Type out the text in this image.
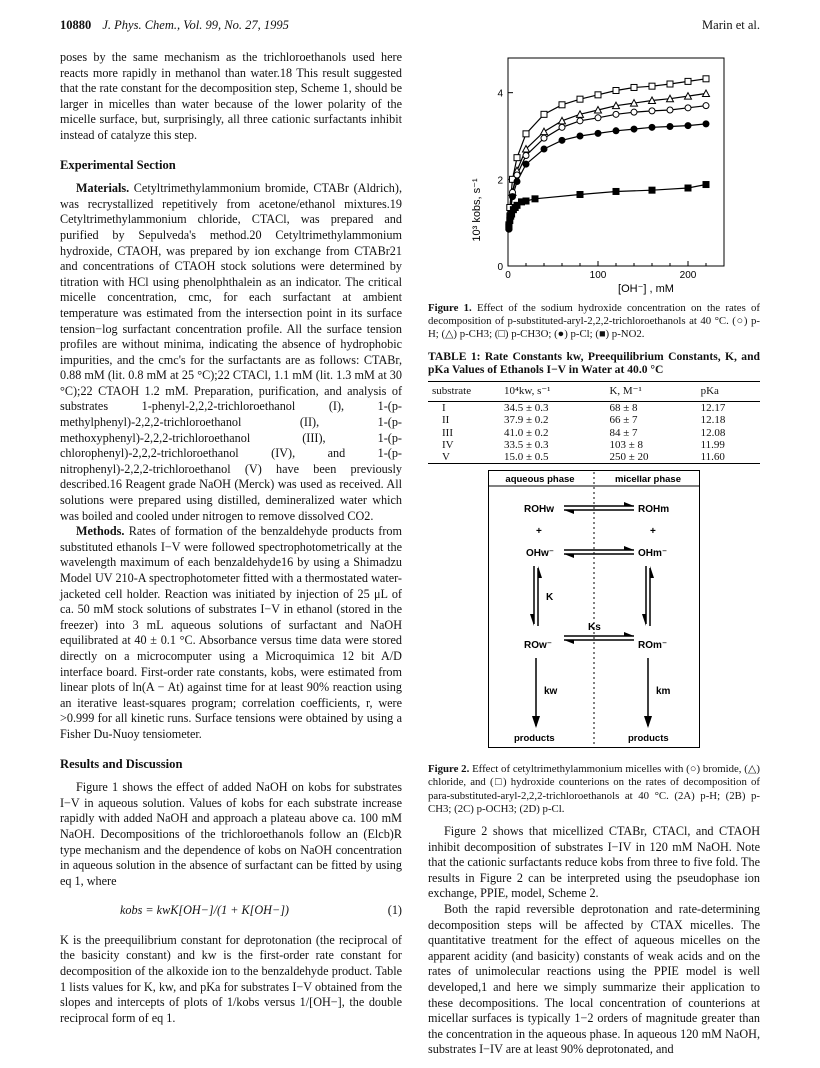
10880 J. Phys. Chem., Vol. 99, No. 27, 1995	Marin et al.

poses by the same mechanism as the trichloroethanols used here reacts more rapidly in methanol than water.18 This result suggested that the rate constant for the decomposition step, Scheme 1, should be larger in micelles than water because of the lower polarity of the micelle surface, but, surprisingly, all three cationic surfactants inhibit instead of catalyze this step.

Experimental Section

Materials. Cetyltrimethylammonium bromide, CTABr (Aldrich), was recrystallized repetitively from acetone/ethanol mixtures.19 Cetyltrimethylammonium chloride, CTACl, was prepared and purified by Sepulveda's method.20 Cetyltrimethylammonium hydroxide, CTAOH, was prepared by ion exchange from CTABr21 and concentrations of CTAOH stock solutions were determined by titration with HCl using phenolphthalein as an indicator. The critical micelle concentration, cmc, for each surfactant at ambient temperature was estimated from the intersection point in its surface tension−log surfactant concentration profile. All the surface tension profiles are without minima, indicating the absence of hydrophobic impurities, and the cmc's for the surfactants are as follows: CTABr, 0.88 mM (lit. 0.8 mM at 25 °C);22 CTACl, 1.1 mM (lit. 1.3 mM at 30 °C);22 CTAOH 1.2 mM. Preparation, purification, and analysis of substrates 1-phenyl-2,2,2-trichloroethanol (I), 1-(p-methylphenyl)-2,2,2-trichloroethanol (II), 1-(p-methoxyphenyl)-2,2,2-trichloroethanol (III), 1-(p-chlorophenyl)-2,2,2-trichloroethanol (IV), and 1-(p-nitrophenyl)-2,2,2-trichloroethanol (V) have been previously described.16 Reagent grade NaOH (Merck) was used as received. All solutions were prepared using distilled, demineralized water which was boiled and cooled under nitrogen to remove dissolved CO2.

Methods. Rates of formation of the benzaldehyde products from substituted ethanols I−V were followed spectrophotometrically at the wavelength maximum of each benzaldehyde16 by using a Shimadzu Model UV 210-A spectrophotometer fitted with a thermostated water-jacketed cell holder. Reaction was initiated by injection of 25 μL of ca. 50 mM stock solutions of substrates I−V in ethanol (stored in the freezer) into 3 mL aqueous solutions of surfactant and NaOH equilibrated at 40 ± 0.1 °C. Absorbance versus time data were stored directly on a microcomputer using a Microquimica 12 bit A/D interface board. First-order rate constants, kobs, were estimated from linear plots of ln(A − At) against time for at least 90% reaction using an iterative least-squares program; correlation coefficients, r, were >0.999 for all kinetic runs. Surface tensions were obtained by using a Fisher Du-Nuoy tensiometer.

Results and Discussion

Figure 1 shows the effect of added NaOH on kobs for substrates I−V in aqueous solution. Values of kobs for each substrate increase rapidly with added NaOH and approach a plateau above ca. 100 mM NaOH. Decompositions of the trichloroethanols follow an (Elcb)R type mechanism and the dependence of kobs on NaOH concentration in aqueous solution in the absence of surfactant can be fitted by using eq 1, where

kobs = kwK[OH−]/(1 + K[OH−])	(1)

K is the preequilibrium constant for deprotonation (the reciprocal of the basicity constant) and kw is the first-order rate constant for decomposition of the alkoxide ion to the benzaldehyde product. Table 1 lists values for K, kw, and pKa for substrates I−V obtained from the slopes and intercepts of plots of 1/kobs versus 1/[OH−], the double reciprocal form of eq 1.

0	100	200
0
2
4
10³ kobs, s⁻¹
[OH⁻] , mM
Figure 1. Effect of the sodium hydroxide concentration on the rates of decomposition of p-substituted-aryl-2,2,2-trichloroethanols at 40 °C. (○) p-H; (△) p-CH3; (□) p-CH3O; (●) p-Cl; (■) p-NO2.
TABLE 1: Rate Constants kw, Preequilibrium Constants, K, and pKa Values of Ethanols I−V in Water at 40.0 °C
substrate	10⁴kw, s⁻¹	K, M⁻¹	pKa
I	34.5 ± 0.3	68 ± 8	12.17
II	37.9 ± 0.2	66 ± 7	12.18
III	41.0 ± 0.2	84 ± 7	12.08
IV	33.5 ± 0.3	103 ± 8	11.99
V	15.0 ± 0.5	250 ± 20	11.60
aqueous phase	micellar phase
ROHw	ROHm
+	+
OHw⁻	OHm⁻
K
Ks
ROw⁻	ROm⁻
kw	km
products	products
Figure 2. Effect of cetyltrimethylammonium micelles with (○) bromide, (△) chloride, and (□) hydroxide counterions on the rates of decomposition of para-substituted-aryl-2,2,2-trichloroethanols at 40 °C. (2A) p-H; (2B) p-CH3; (2C) p-OCH3; (2D) p-Cl.

Figure 2 shows that micellized CTABr, CTACl, and CTAOH inhibit decomposition of substrates I−IV in 120 mM NaOH. Note that the cationic surfactants reduce kobs from three to five fold. The results in Figure 2 can be interpreted using the pseudophase ion exchange, PPIE, model, Scheme 2.

Both the rapid reversible deprotonation and rate-determining decomposition steps will be affected by CTAX micelles. The quantitative treatment for the effect of aqueous micelles on the apparent acidity (and basicity) constants of weak acids and on the rates of unimolecular reactions using the PPIE model is well developed,1 and here we simply summarize their application to these decompositions. The local concentration of counterions at micellar surfaces is typically 1−2 orders of magnitude greater than the concentration in the aqueous phase. In aqueous 120 mM NaOH, substrates I−IV are at least 90% deprotonated, and
